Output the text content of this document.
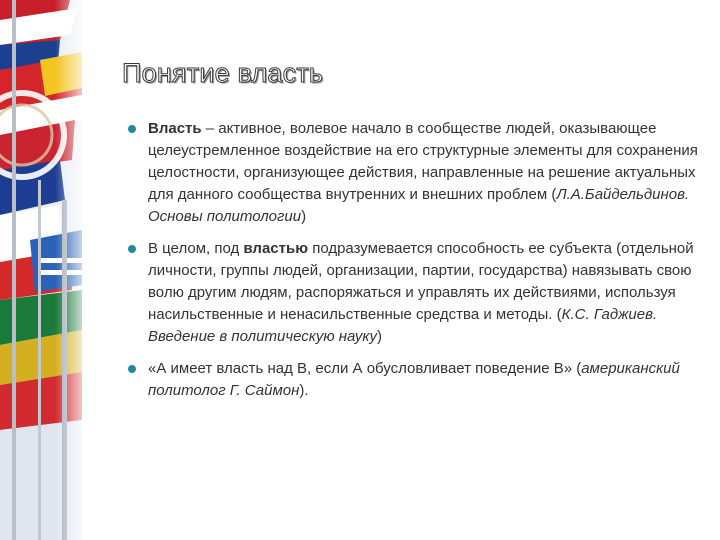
Понятие власть
Власть – активное, волевое начало в сообществе людей, оказывающее целеустремленное воздействие на его структурные элементы для сохранения целостности, организующее действия, направленные на решение актуальных для данного сообщества внутренних и внешних проблем (Л.А.Байдельдинов. Основы политологии)
В целом, под властью подразумевается способность ее субъекта (отдельной личности, группы людей, организации, партии, государства) навязывать свою волю другим людям, распоряжаться и управлять их действиями, используя насильственные и ненасильственные средства и методы. (К.С. Гаджиев. Введение в политическую науку)
«А имеет власть над В, если А обусловливает поведение В» (американский политолог Г. Саймон).
